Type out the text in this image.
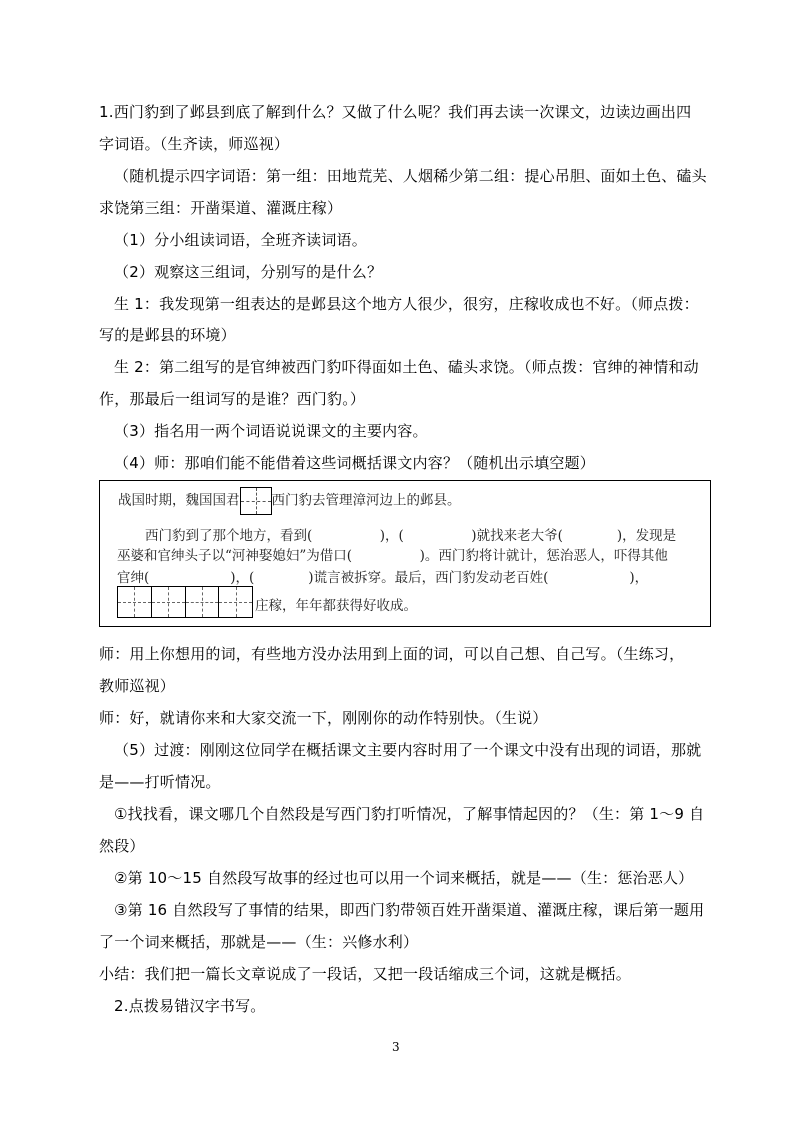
1.西门豹到了邺县到底了解到什么？又做了什么呢？我们再去读一次课文，边读边画出四
字词语。（生齐读，师巡视）
（随机提示四字词语：第一组：田地荒芜、人烟稀少第二组：提心吊胆、面如土色、磕头
求饶第三组：开凿渠道、灌溉庄稼）
（1）分小组读词语，全班齐读词语。
（2）观察这三组词，分别写的是什么？
生 1：我发现第一组表达的是邺县这个地方人很少，很穷，庄稼收成也不好。（师点拨：
写的是邺县的环境）
生 2：第二组写的是官绅被西门豹吓得面如土色、磕头求饶。（师点拨：官绅的神情和动
作，那最后一组词写的是谁？西门豹。）
（3）指名用一两个词语说说课文的主要内容。
（4）师：那咱们能不能借着这些词概括课文内容？（随机出示填空题）
战国时期，魏国国君 西门豹去管理漳河边上的邺县。
西门豹到了那个地方，看到(　　　　　)，(　　　　　)就找来老大爷(　　　　)，发现是
巫婆和官绅头子以“河神娶媳妇”为借口(　　　　　)。西门豹将计就计，惩治恶人，吓得其他
官绅(　　　　　　)，(　　　　)谎言被拆穿。最后，西门豹发动老百姓(　　　　　　)，
庄稼，年年都获得好收成。
师：用上你想用的词，有些地方没办法用到上面的词，可以自己想、自己写。（生练习，
教师巡视）
师：好，就请你来和大家交流一下，刚刚你的动作特别快。（生说）
（5）过渡：刚刚这位同学在概括课文主要内容时用了一个课文中没有出现的词语，那就
是——打听情况。
①找找看，课文哪几个自然段是写西门豹打听情况，了解事情起因的？（生：第 1～9 自
然段）
②第 10～15 自然段写故事的经过也可以用一个词来概括，就是——（生：惩治恶人）
③第 16 自然段写了事情的结果，即西门豹带领百姓开凿渠道、灌溉庄稼，课后第一题用
了一个词来概括，那就是——（生：兴修水利）
小结：我们把一篇长文章说成了一段话，又把一段话缩成三个词，这就是概括。
2.点拨易错汉字书写。
3
